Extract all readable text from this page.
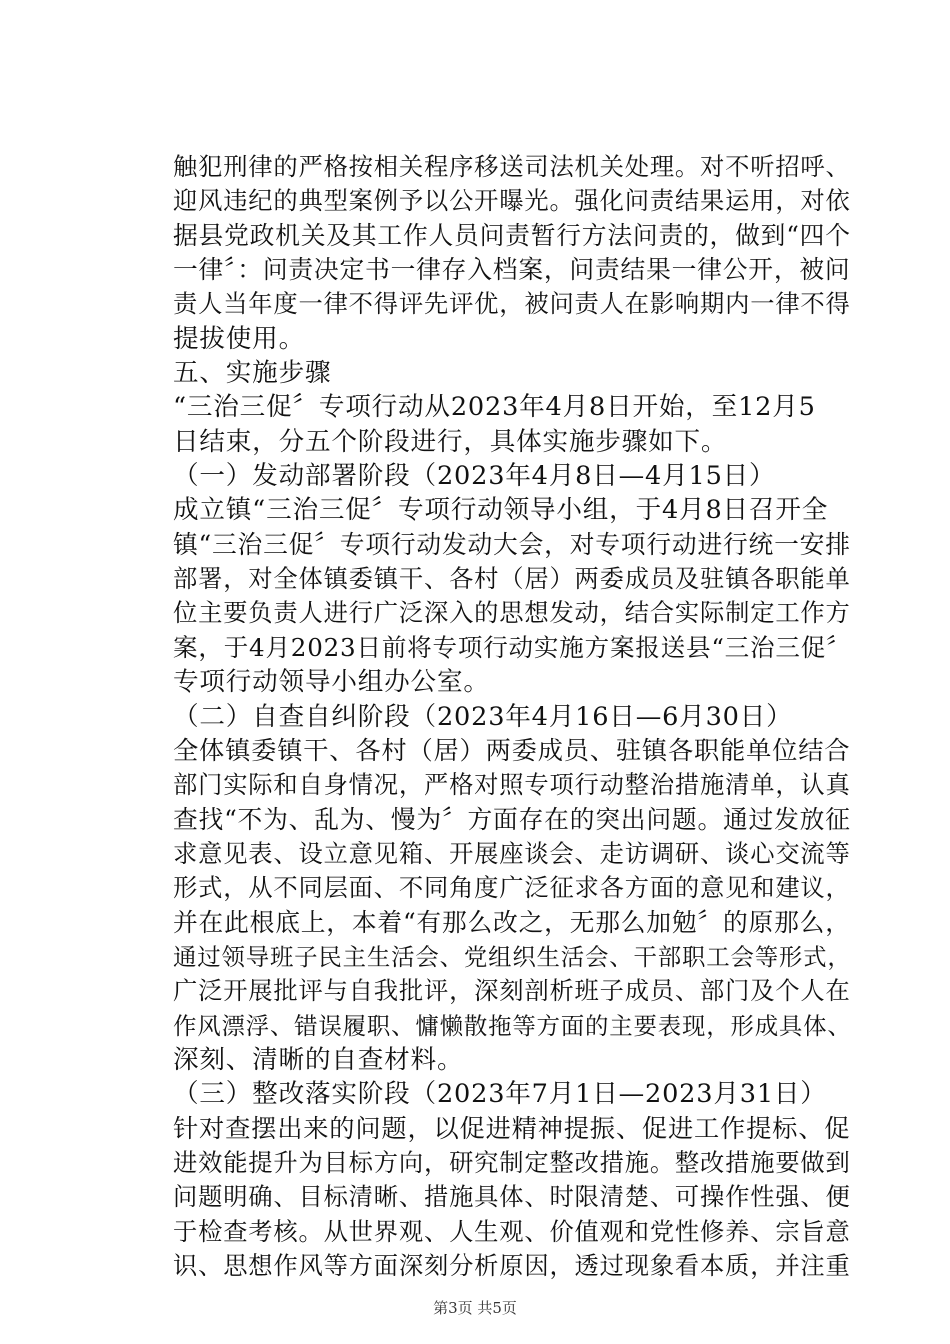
触犯刑律的严格按相关程序移送司法机关处理。对不听招呼、
迎风违纪的典型案例予以公开曝光。强化问责结果运用，对依
据县党政机关及其工作人员问责暂行方法问责的，做到“四个
一律〞：问责决定书一律存入档案，问责结果一律公开，被问
责人当年度一律不得评先评优，被问责人在影响期内一律不得
提拔使用。
五、实施步骤
“三治三促〞专项行动从2023年4月8日开始，至12月5
日结束，分五个阶段进行，具体实施步骤如下。
（一）发动部署阶段（2023年4月8日—4月15日）
成立镇“三治三促〞专项行动领导小组，于4月8日召开全
镇“三治三促〞专项行动发动大会，对专项行动进行统一安排
部署，对全体镇委镇干、各村（居）两委成员及驻镇各职能单
位主要负责人进行广泛深入的思想发动，结合实际制定工作方
案，于4月2023日前将专项行动实施方案报送县“三治三促〞
专项行动领导小组办公室。
（二）自查自纠阶段（2023年4月16日—6月30日）
全体镇委镇干、各村（居）两委成员、驻镇各职能单位结合
部门实际和自身情况，严格对照专项行动整治措施清单，认真
查找“不为、乱为、慢为〞方面存在的突出问题。通过发放征
求意见表、设立意见箱、开展座谈会、走访调研、谈心交流等
形式，从不同层面、不同角度广泛征求各方面的意见和建议，
并在此根底上，本着“有那么改之，无那么加勉〞的原那么，
通过领导班子民主生活会、党组织生活会、干部职工会等形式，
广泛开展批评与自我批评，深刻剖析班子成员、部门及个人在
作风漂浮、错误履职、慵懒散拖等方面的主要表现，形成具体、
深刻、清晰的自查材料。
（三）整改落实阶段（2023年7月1日—2023月31日）
针对查摆出来的问题，以促进精神提振、促进工作提标、促
进效能提升为目标方向，研究制定整改措施。整改措施要做到
问题明确、目标清晰、措施具体、时限清楚、可操作性强、便
于检查考核。从世界观、人生观、价值观和党性修养、宗旨意
识、思想作风等方面深刻分析原因，透过现象看本质，并注重
第3页 共5页
